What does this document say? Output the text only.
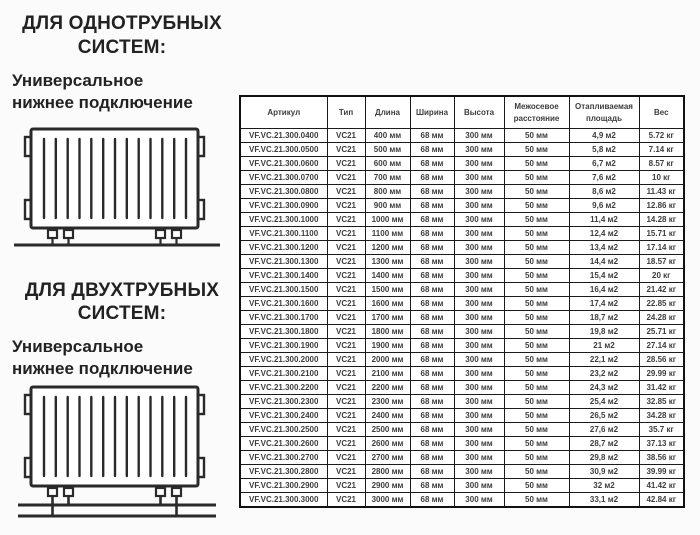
ДЛЯ ОДНОТРУБНЫХ
СИСТЕМ:

Универсальное
нижнее подключение

ДЛЯ ДВУХТРУБНЫХ
СИСТЕМ:

Универсальное
нижнее подключение

Артикул	Тип	Длина	Ширина	Высота	Межосевое расстояние	Отапливаемая площадь	Вес
VF.VC.21.300.0400	VC21	400 мм	68 мм	300 мм	50 мм	4,9 м2	5.72 кг
VF.VC.21.300.0500	VC21	500 мм	68 мм	300 мм	50 мм	5,8 м2	7.14 кг
VF.VC.21.300.0600	VC21	600 мм	68 мм	300 мм	50 мм	6,7 м2	8.57 кг
VF.VC.21.300.0700	VC21	700 мм	68 мм	300 мм	50 мм	7,6 м2	10 кг
VF.VC.21.300.0800	VC21	800 мм	68 мм	300 мм	50 мм	8,6 м2	11.43 кг
VF.VC.21.300.0900	VC21	900 мм	68 мм	300 мм	50 мм	9,6 м2	12.86 кг
VF.VC.21.300.1000	VC21	1000 мм	68 мм	300 мм	50 мм	11,4 м2	14.28 кг
VF.VC.21.300.1100	VC21	1100 мм	68 мм	300 мм	50 мм	12,4 м2	15.71 кг
VF.VC.21.300.1200	VC21	1200 мм	68 мм	300 мм	50 мм	13,4 м2	17.14 кг
VF.VC.21.300.1300	VC21	1300 мм	68 мм	300 мм	50 мм	14,4 м2	18.57 кг
VF.VC.21.300.1400	VC21	1400 мм	68 мм	300 мм	50 мм	15,4 м2	20 кг
VF.VC.21.300.1500	VC21	1500 мм	68 мм	300 мм	50 мм	16,4 м2	21.42 кг
VF.VC.21.300.1600	VC21	1600 мм	68 мм	300 мм	50 мм	17,4 м2	22.85 кг
VF.VC.21.300.1700	VC21	1700 мм	68 мм	300 мм	50 мм	18,7 м2	24.28 кг
VF.VC.21.300.1800	VC21	1800 мм	68 мм	300 мм	50 мм	19,8 м2	25.71 кг
VF.VC.21.300.1900	VC21	1900 мм	68 мм	300 мм	50 мм	21 м2	27.14 кг
VF.VC.21.300.2000	VC21	2000 мм	68 мм	300 мм	50 мм	22,1 м2	28.56 кг
VF.VC.21.300.2100	VC21	2100 мм	68 мм	300 мм	50 мм	23,2 м2	29.99 кг
VF.VC.21.300.2200	VC21	2200 мм	68 мм	300 мм	50 мм	24,3 м2	31.42 кг
VF.VC.21.300.2300	VC21	2300 мм	68 мм	300 мм	50 мм	25,4 м2	32.85 кг
VF.VC.21.300.2400	VC21	2400 мм	68 мм	300 мм	50 мм	26,5 м2	34.28 кг
VF.VC.21.300.2500	VC21	2500 мм	68 мм	300 мм	50 мм	27,6 м2	35.7 кг
VF.VC.21.300.2600	VC21	2600 мм	68 мм	300 мм	50 мм	28,7 м2	37.13 кг
VF.VC.21.300.2700	VC21	2700 мм	68 мм	300 мм	50 мм	29,8 м2	38.56 кг
VF.VC.21.300.2800	VC21	2800 мм	68 мм	300 мм	50 мм	30,9 м2	39.99 кг
VF.VC.21.300.2900	VC21	2900 мм	68 мм	300 мм	50 мм	32 м2	41.42 кг
VF.VC.21.300.3000	VC21	3000 мм	68 мм	300 мм	50 мм	33,1 м2	42.84 кг
